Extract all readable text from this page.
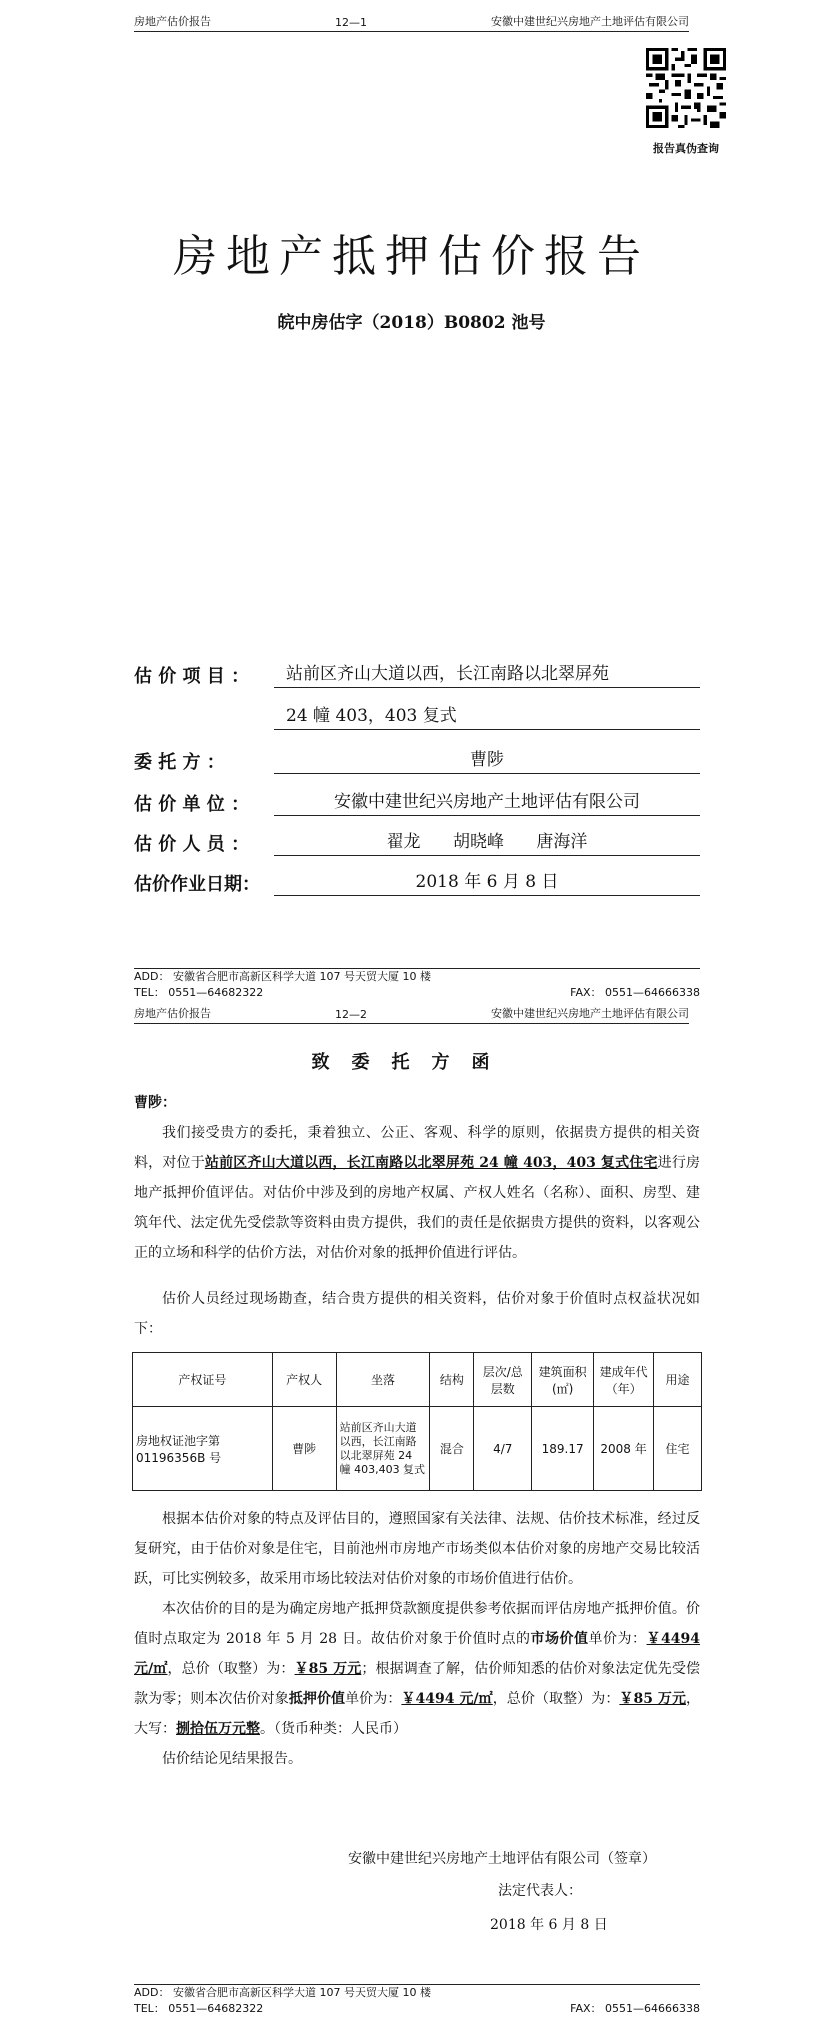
房地产估价报告	12—1	安徽中建世纪兴房地产土地评估有限公司
报告真伪查询
房地产抵押估价报告
皖中房估字（2018）B0802 池号
估 价 项 目 ：	站前区齐山大道以西，长江南路以北翠屏苑
24 幢 403，403 复式
委 托 方 ：	曹陟
估 价 单 位 ：	安徽中建世纪兴房地产土地评估有限公司
估 价 人 员 ：	翟龙      胡晓峰      唐海洋
估价作业日期：	2018 年 6 月 8 日
ADD： 安徽省合肥市高新区科学大道 107 号天贸大厦 10 楼
TEL： 0551—64682322	FAX： 0551—64666338
房地产估价报告	12—2	安徽中建世纪兴房地产土地评估有限公司
致委托方函
曹陟：
我们接受贵方的委托，秉着独立、公正、客观、科学的原则，依据贵方提供的相关资料，对位于站前区齐山大道以西，长江南路以北翠屏苑 24 幢 403，403 复式住宅进行房地产抵押价值评估。对估价中涉及到的房地产权属、产权人姓名（名称）、面积、房型、建筑年代、法定优先受偿款等资料由贵方提供，我们的责任是依据贵方提供的资料，以客观公正的立场和科学的估价方法，对估价对象的抵押价值进行评估。
估价人员经过现场勘查，结合贵方提供的相关资料，估价对象于价值时点权益状况如下：
产权证号	产权人	坐落	结构	层次/总层数	建筑面积(㎡)	建成年代（年）	用途
房地权证池字第 01196356B 号	曹陟	站前区齐山大道以西，长江南路以北翠屏苑 24 幢 403,403 复式	混合	4/7	189.17	2008 年	住宅
根据本估价对象的特点及评估目的，遵照国家有关法律、法规、估价技术标准，经过反复研究，由于估价对象是住宅，目前池州市房地产市场类似本估价对象的房地产交易比较活跃，可比实例较多，故采用市场比较法对估价对象的市场价值进行估价。
本次估价的目的是为确定房地产抵押贷款额度提供参考依据而评估房地产抵押价值。价值时点取定为 2018 年 5 月 28 日。故估价对象于价值时点的市场价值单价为：￥4494 元/㎡，总价（取整）为：￥85 万元；根据调查了解，估价师知悉的估价对象法定优先受偿款为零；则本次估价对象抵押价值单价为：￥4494 元/㎡，总价（取整）为：￥85 万元，大写：捌拾伍万元整。（货币种类：人民币）
估价结论见结果报告。
安徽中建世纪兴房地产土地评估有限公司（签章）
法定代表人：
2018 年 6 月 8 日
ADD： 安徽省合肥市高新区科学大道 107 号天贸大厦 10 楼
TEL： 0551—64682322	FAX： 0551—64666338
